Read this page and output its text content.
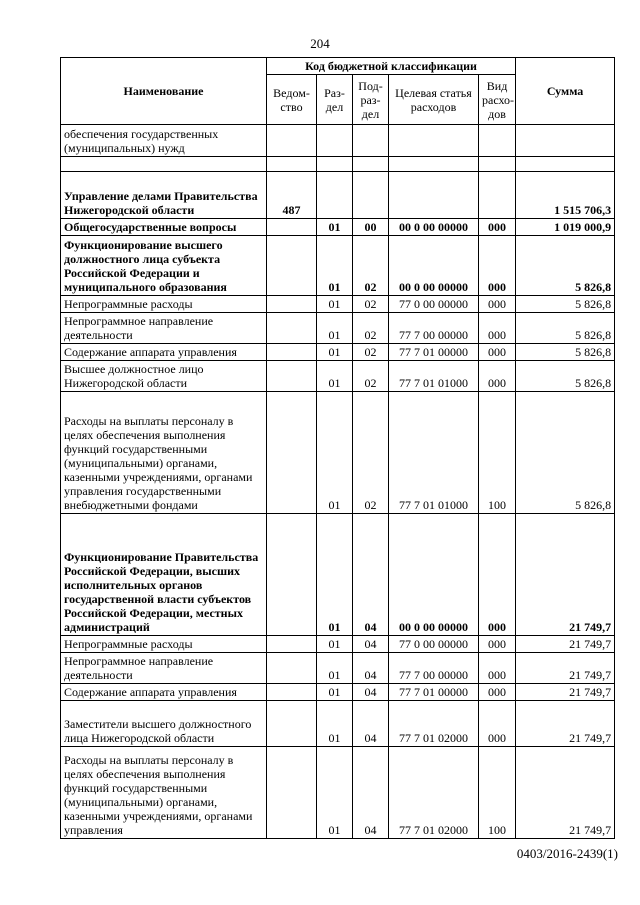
204
Наименование	Код бюджетной классификации					Сумма
	Ведом-ство	Раз-дел	Под-раз-дел	Целевая статья расходов	Вид расхо-дов	
обеспечения государственных (муниципальных) нужд						

Управление делами Правительства Нижегородской области	487					1 515 706,3
Общегосударственные вопросы		01	00	00 0 00 00000	000	1 019 000,9
Функционирование высшего должностного лица субъекта Российской Федерации и муниципального образования		01	02	00 0 00 00000	000	5 826,8
Непрограммные расходы		01	02	77 0 00 00000	000	5 826,8
Непрограммное направление деятельности		01	02	77 7 00 00000	000	5 826,8
Содержание аппарата управления		01	02	77 7 01 00000	000	5 826,8
Высшее должностное лицо Нижегородской области		01	02	77 7 01 01000	000	5 826,8
Расходы на выплаты персоналу в целях обеспечения выполнения функций государственными (муниципальными) органами, казенными учреждениями, органами управления государственными внебюджетными фондами		01	02	77 7 01 01000	100	5 826,8
Функционирование Правительства Российской Федерации, высших исполнительных органов государственной власти субъектов Российской Федерации, местных администраций		01	04	00 0 00 00000	000	21 749,7
Непрограммные расходы		01	04	77 0 00 00000	000	21 749,7
Непрограммное направление деятельности		01	04	77 7 00 00000	000	21 749,7
Содержание аппарата управления		01	04	77 7 01 00000	000	21 749,7
Заместители высшего должностного лица Нижегородской области		01	04	77 7 01 02000	000	21 749,7
Расходы на выплаты персоналу в целях обеспечения выполнения функций государственными (муниципальными) органами, казенными учреждениями, органами управления		01	04	77 7 01 02000	100	21 749,7
0403/2016-2439(1)
